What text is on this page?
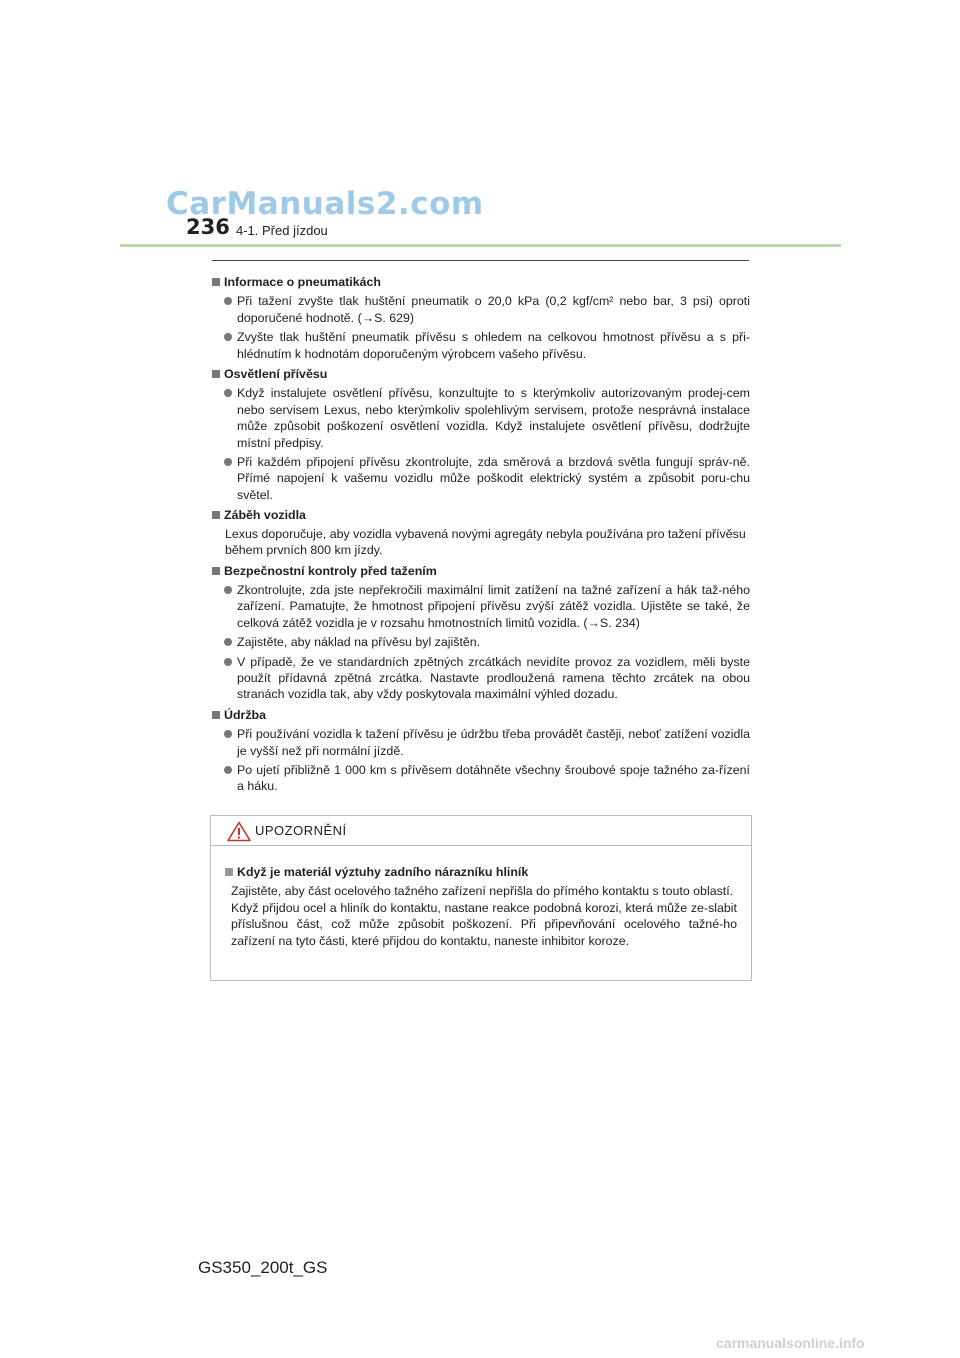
CarManuals2.com
236 4-1. Před jízdou
Informace o pneumatikách
Při tažení zvyšte tlak huštění pneumatik o 20,0 kPa (0,2 kgf/cm² nebo bar, 3 psi) oproti doporučené hodnotě. (→S. 629)
Zvyšte tlak huštění pneumatik přívěsu s ohledem na celkovou hmotnost přívěsu a s při-hlédnutím k hodnotám doporučeným výrobcem vašeho přívěsu.
Osvětlení přívěsu
Když instalujete osvětlení přívěsu, konzultujte to s kterýmkoliv autorizovaným prodej-cem nebo servisem Lexus, nebo kterýmkoliv spolehlivým servisem, protože nesprávná instalace může způsobit poškození osvětlení vozidla. Když instalujete osvětlení přívěsu, dodržujte místní předpisy.
Při každém připojení přívěsu zkontrolujte, zda směrová a brzdová světla fungují správ-ně. Přímé napojení k vašemu vozidlu může poškodit elektrický systém a způsobit poru-chu světel.
Záběh vozidla
Lexus doporučuje, aby vozidla vybavená novými agregáty nebyla používána pro tažení přívěsu během prvních 800 km jízdy.
Bezpečnostní kontroly před tažením
Zkontrolujte, zda jste nepřekročili maximální limit zatížení na tažné zařízení a hák taž-ného zařízení. Pamatujte, že hmotnost připojení přívěsu zvýší zátěž vozidla. Ujistěte se také, že celková zátěž vozidla je v rozsahu hmotnostních limitů vozidla. (→S. 234)
Zajistěte, aby náklad na přívěsu byl zajištěn.
V případě, že ve standardních zpětných zrcátkách nevidíte provoz za vozidlem, měli byste použít přídavná zpětná zrcátka. Nastavte prodloužená ramena těchto zrcátek na obou stranách vozidla tak, aby vždy poskytovala maximální výhled dozadu.
Údržba
Při používání vozidla k tažení přívěsu je údržbu třeba provádět častěji, neboť zatížení vozidla je vyšší než při normální jízdě.
Po ujetí přibližně 1 000 km s přívěsem dotáhněte všechny šroubové spoje tažného za-řízení a háku.
UPOZORNĚNÍ
Když je materiál výztuhy zadního nárazníku hliník
Zajistěte, aby část ocelového tažného zařízení nepřišla do přímého kontaktu s touto oblastí.
Když přijdou ocel a hliník do kontaktu, nastane reakce podobná korozi, která může ze-slabit příslušnou část, což může způsobit poškození. Při připevňování ocelového tažné-ho zařízení na tyto části, které přijdou do kontaktu, naneste inhibitor koroze.
GS350_200t_GS
carmanualsonline.info
